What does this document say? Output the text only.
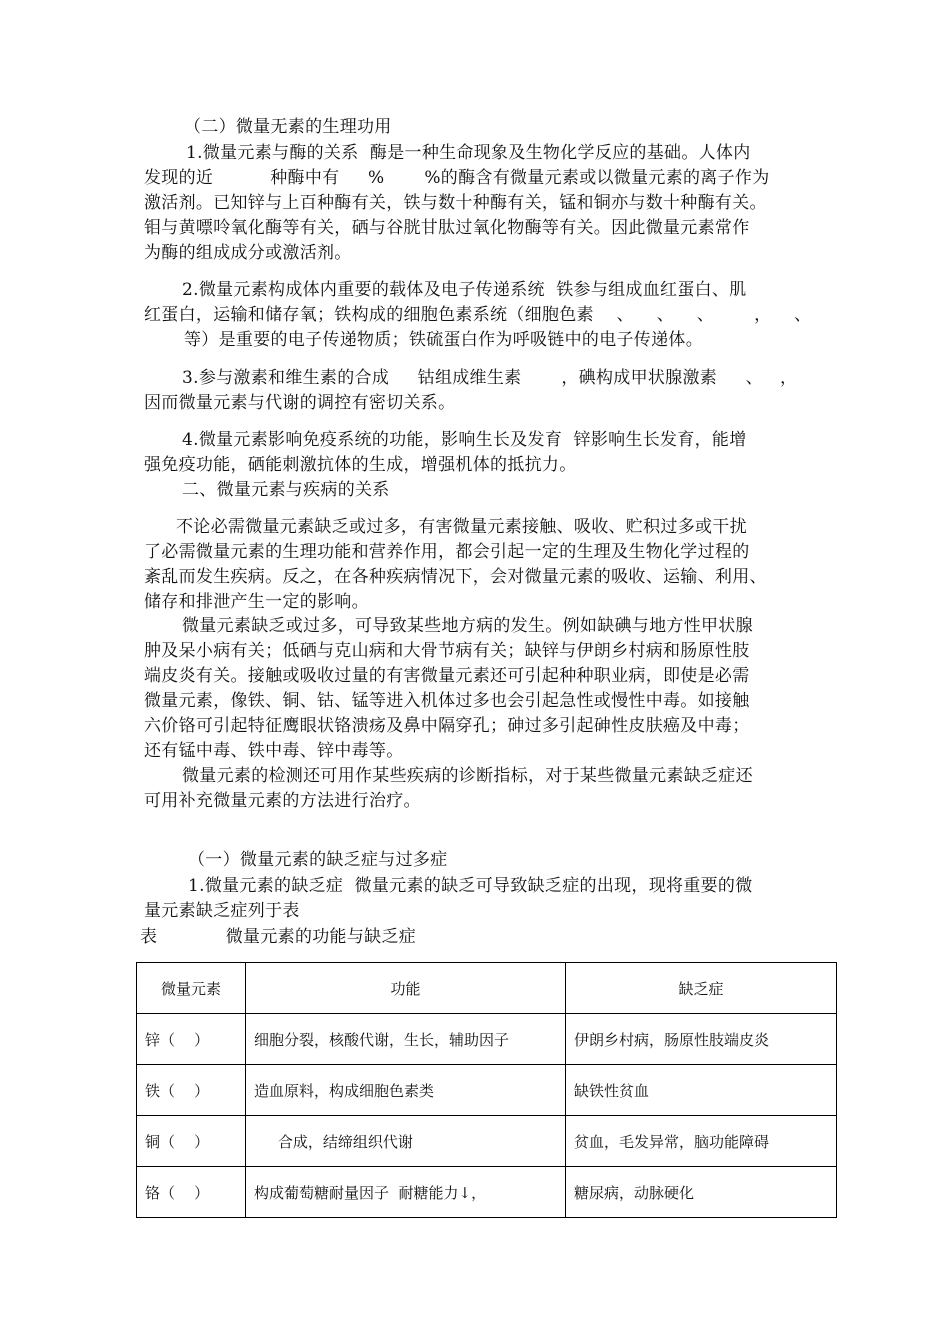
（二）微量无素的生理功用
1.微量元素与酶的关系  酶是一种生命现象及生物化学反应的基础。人体内
发现的近          种酶中有     %       %的酶含有微量元素或以微量元素的离子作为
激活剂。已知锌与上百种酶有关，铁与数十种酶有关，锰和铜亦与数十种酶有关。
钼与黄嘌呤氧化酶等有关，硒与谷胱甘肽过氧化物酶等有关。因此微量元素常作
为酶的组成成分或激活剂。
2.微量元素构成体内重要的载体及电子传递系统  铁参与组成血红蛋白、肌
红蛋白，运输和储存氧；铁构成的细胞色素系统（细胞色素    、    、    、       ，    、
等）是重要的电子传递物质；铁硫蛋白作为呼吸链中的电子传递体。
3.参与激素和维生素的合成     钴组成维生素       ，碘构成甲状腺激素     、   ，
因而微量元素与代谢的调控有密切关系。
4.微量元素影响免疫系统的功能，影响生长及发育  锌影响生长发育，能增
强免疫功能，硒能刺激抗体的生成，增强机体的抵抗力。
二、微量元素与疾病的关系
不论必需微量元素缺乏或过多，有害微量元素接触、吸收、贮积过多或干扰
了必需微量元素的生理功能和营养作用，都会引起一定的生理及生物化学过程的
紊乱而发生疾病。反之，在各种疾病情况下，会对微量元素的吸收、运输、利用、
储存和排泄产生一定的影响。
微量元素缺乏或过多，可导致某些地方病的发生。例如缺碘与地方性甲状腺
肿及呆小病有关；低硒与克山病和大骨节病有关；缺锌与伊朗乡村病和肠原性肢
端皮炎有关。接触或吸收过量的有害微量元素还可引起种种职业病，即使是必需
微量元素，像铁、铜、钴、锰等进入机体过多也会引起急性或慢性中毒。如接触
六价铬可引起特征鹰眼状铬溃疡及鼻中隔穿孔；砷过多引起砷性皮肤癌及中毒；
还有锰中毒、铁中毒、锌中毒等。
微量元素的检测还可用作某些疾病的诊断指标，对于某些微量元素缺乏症还
可用补充微量元素的方法进行治疗。
（一）微量元素的缺乏症与过多症
1.微量元素的缺乏症  微量元素的缺乏可导致缺乏症的出现，现将重要的微
量元素缺乏症列于表
表            微量元素的功能与缺乏症
微量元素	功能	缺乏症
锌（    ）	细胞分裂，核酸代谢，生长，辅助因子	伊朗乡村病，肠原性肢端皮炎
铁（    ）	造血原料，构成细胞色素类	缺铁性贫血
铜（    ）	合成，结缔组织代谢	贫血，毛发异常，脑功能障碍
铬（    ）	构成葡萄糖耐量因子  耐糖能力↓，	糖尿病，动脉硬化
